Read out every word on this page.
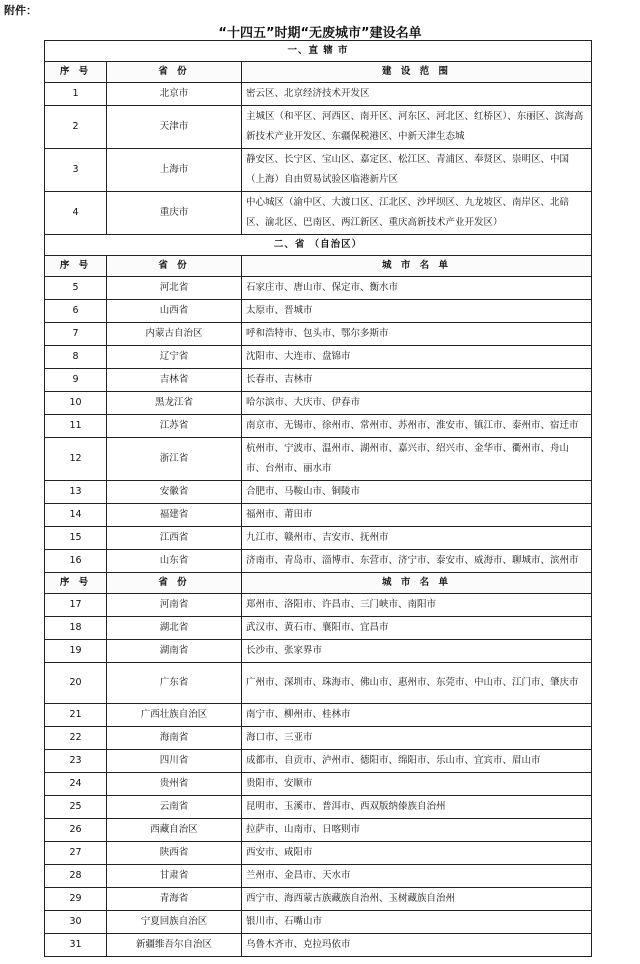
附件：
“十四五”时期“无废城市”建设名单
一、直 辖 市		
序 号	省 份	建 设 范 围
1	北京市	密云区、北京经济技术开发区
2	天津市	主城区（和平区、河西区、南开区、河东区、河北区、红桥区）、东丽区、滨海高新技术产业开发区、东疆保税港区、中新天津生态城
3	上海市	静安区、长宁区、宝山区、嘉定区、松江区、青浦区、奉贤区、崇明区、中国（上海）自由贸易试验区临港新片区
4	重庆市	中心城区（渝中区、大渡口区、江北区、沙坪坝区、九龙坡区、南岸区、北碚区、渝北区、巴南区、两江新区、重庆高新技术产业开发区）
二、省 （自治区）		
序 号	省 份	城 市 名 单
5	河北省	石家庄市、唐山市、保定市、衡水市
6	山西省	太原市、晋城市
7	内蒙古自治区	呼和浩特市、包头市、鄂尔多斯市
8	辽宁省	沈阳市、大连市、盘锦市
9	吉林省	长春市、吉林市
10	黑龙江省	哈尔滨市、大庆市、伊春市
11	江苏省	南京市、无锡市、徐州市、常州市、苏州市、淮安市、镇江市、泰州市、宿迁市
12	浙江省	杭州市、宁波市、温州市、湖州市、嘉兴市、绍兴市、金华市、衢州市、舟山市、台州市、丽水市
13	安徽省	合肥市、马鞍山市、铜陵市
14	福建省	福州市、莆田市
15	江西省	九江市、赣州市、吉安市、抚州市
16	山东省	济南市、青岛市、淄博市、东营市、济宁市、泰安市、威海市、聊城市、滨州市
序 号	省 份	城 市 名 单
17	河南省	郑州市、洛阳市、许昌市、三门峡市、南阳市
18	湖北省	武汉市、黄石市、襄阳市、宜昌市
19	湖南省	长沙市、张家界市
20	广东省	广州市、深圳市、珠海市、佛山市、惠州市、东莞市、中山市、江门市、肇庆市
21	广西壮族自治区	南宁市、柳州市、桂林市
22	海南省	海口市、三亚市
23	四川省	成都市、自贡市、泸州市、德阳市、绵阳市、乐山市、宜宾市、眉山市
24	贵州省	贵阳市、安顺市
25	云南省	昆明市、玉溪市、普洱市、西双版纳傣族自治州
26	西藏自治区	拉萨市、山南市、日喀则市
27	陕西省	西安市、咸阳市
28	甘肃省	兰州市、金昌市、天水市
29	青海省	西宁市、海西蒙古族藏族自治州、玉树藏族自治州
30	宁夏回族自治区	银川市、石嘴山市
31	新疆维吾尔自治区	乌鲁木齐市、克拉玛依市
